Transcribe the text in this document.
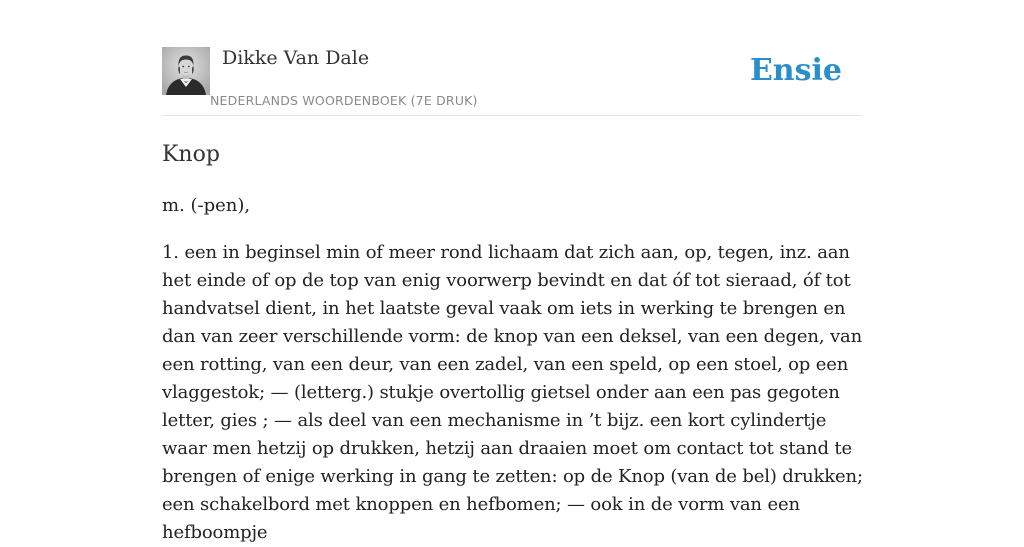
Dikke Van Dale
NEDERLANDS WOORDENBOEK (7E DRUK)
Ensie
Knop

m. (-pen),

1. een in beginsel min of meer rond lichaam dat zich aan, op, tegen, inz. aan het einde of op de top van enig voorwerp bevindt en dat óf tot sieraad, óf tot handvatsel dient, in het laatste geval vaak om iets in werking te brengen en dan van zeer verschillende vorm: de knop van een deksel, van een degen, van een rotting, van een deur, van een zadel, van een speld, op een stoel, op een vlaggestok; — (letterg.) stukje overtollig gietsel onder aan een pas gegoten letter, gies ; — als deel van een mechanisme in ’t bijz. een kort cylindertje waar men hetzij op drukken, hetzij aan draaien moet om contact tot stand te brengen of enige werking in gang te zetten: op de Knop (van de bel) drukken; een schakelbord met knoppen en hefbomen; — ook in de vorm van een hefboompje
